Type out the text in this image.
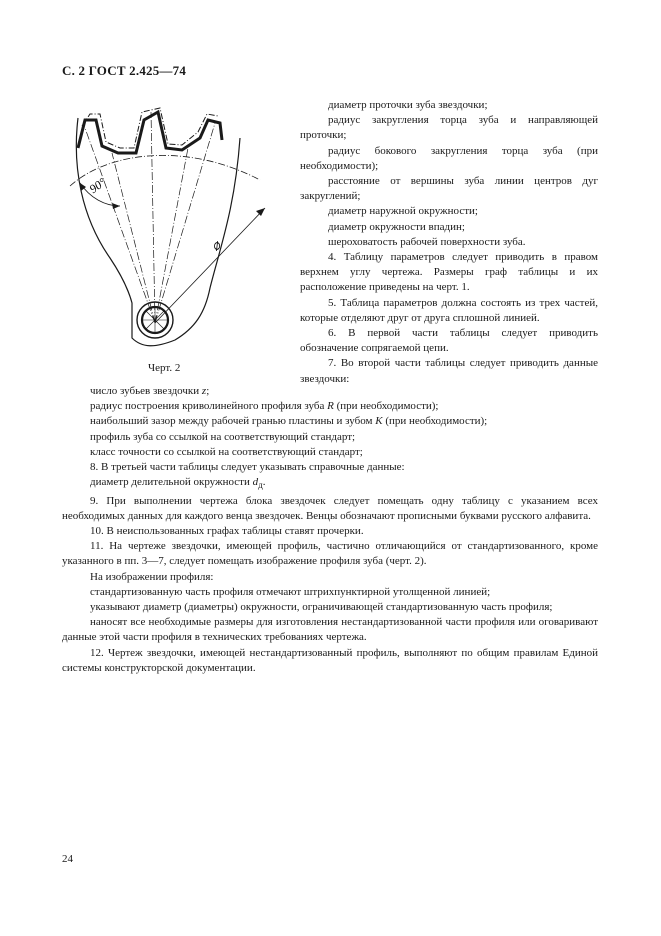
С. 2 ГОСТ 2.425—74
90°
⌀
Черт. 2

диаметр проточки зуба звездочки;

радиус закругления торца зуба и направляющей проточки;

радиус бокового закругления торца зуба (при необходимости);

расстояние от вершины зуба линии центров дуг закруглений;

диаметр наружной окружности;

диаметр окружности впадин;

шероховатость рабочей поверхности зуба.

4. Таблицу параметров следует приводить в правом верхнем углу чертежа. Размеры граф таблицы и их расположение приведены на черт. 1.

5. Таблица параметров должна состоять из трех частей, которые отделяют друг от друга сплошной линией.

6. В первой части таблицы следует приводить обозначение сопрягаемой цепи.

7. Во второй части таблицы следует приводить данные звездочки:

число зубьев звездочки z;

радиус построения криволинейного профиля зуба R (при необходимости);

наибольший зазор между рабочей гранью пластины и зубом K (при необходимости);

профиль зуба со ссылкой на соответствующий стандарт;

класс точности со ссылкой на соответствующий стандарт;

8. В третьей части таблицы следует указывать справочные данные:

диаметр делительной окружности $d_д$.

9. При выполнении чертежа блока звездочек следует помещать одну таблицу с указанием всех необходимых данных для каждого венца звездочек. Венцы обозначают прописными буквами русского алфавита.

10. В неиспользованных графах таблицы ставят прочерки.

11. На чертеже звездочки, имеющей профиль, частично отличающийся от стандартизованного, кроме указанного в пп. 3—7, следует помещать изображение профиля зуба (черт. 2).

На изображении профиля:

стандартизованную часть профиля отмечают штрихпунктирной утолщенной линией;

указывают диаметр (диаметры) окружности, ограничивающей стандартизованную часть профиля;

наносят все необходимые размеры для изготовления нестандартизованной части профиля или оговаривают данные этой части профиля в технических требованиях чертежа.

12. Чертеж звездочки, имеющей нестандартизованный профиль, выполняют по общим правилам Единой системы конструкторской документации.

24
